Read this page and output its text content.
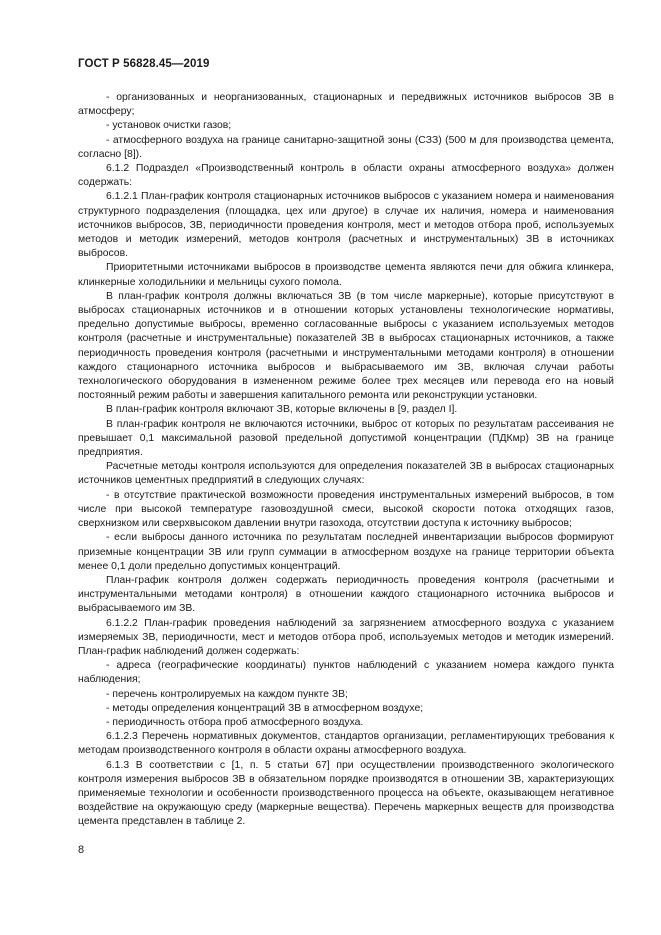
ГОСТ Р 56828.45—2019

- организованных и неорганизованных, стационарных и передвижных источников выбросов ЗВ в атмосферу;

- установок очистки газов;

- атмосферного воздуха на границе санитарно-защитной зоны (СЗЗ) (500 м для производства цемента, согласно [8]).

6.1.2 Подраздел «Производственный контроль в области охраны атмосферного воздуха» должен содержать:

6.1.2.1 План-график контроля стационарных источников выбросов с указанием номера и наименования структурного подразделения (площадка, цех или другое) в случае их наличия, номера и наименования источников выбросов, ЗВ, периодичности проведения контроля, мест и методов отбора проб, используемых методов и методик измерений, методов контроля (расчетных и инструментальных) ЗВ в источниках выбросов.

Приоритетными источниками выбросов в производстве цемента являются печи для обжига клинкера, клинкерные холодильники и мельницы сухого помола.

В план-график контроля должны включаться ЗВ (в том числе маркерные), которые присутствуют в выбросах стационарных источников и в отношении которых установлены технологические нормативы, предельно допустимые выбросы, временно согласованные выбросы с указанием используемых методов контроля (расчетные и инструментальные) показателей ЗВ в выбросах стационарных источников, а также периодичность проведения контроля (расчетными и инструментальными методами контроля) в отношении каждого стационарного источника выбросов и выбрасываемого им ЗВ, включая случаи работы технологического оборудования в измененном режиме более трех месяцев или перевода его на новый постоянный режим работы и завершения капитального ремонта или реконструкции установки.

В план-график контроля включают ЗВ, которые включены в [9, раздел I].

В план-график контроля не включаются источники, выброс от которых по результатам рассеивания не превышает 0,1 максимальной разовой предельной допустимой концентрации (ПДКмр) ЗВ на границе предприятия.

Расчетные методы контроля используются для определения показателей ЗВ в выбросах стационарных источников цементных предприятий в следующих случаях:

- в отсутствие практической возможности проведения инструментальных измерений выбросов, в том числе при высокой температуре газовоздушной смеси, высокой скорости потока отходящих газов, сверхнизком или сверхвысоком давлении внутри газохода, отсутствии доступа к источнику выбросов;

- если выбросы данного источника по результатам последней инвентаризации выбросов формируют приземные концентрации ЗВ или групп суммации в атмосферном воздухе на границе территории объекта менее 0,1 доли предельно допустимых концентраций.

План-график контроля должен содержать периодичность проведения контроля (расчетными и инструментальными методами контроля) в отношении каждого стационарного источника выбросов и выбрасываемого им ЗВ.

6.1.2.2 План-график проведения наблюдений за загрязнением атмосферного воздуха с указанием измеряемых ЗВ, периодичности, мест и методов отбора проб, используемых методов и методик измерений. План-график наблюдений должен содержать:

- адреса (географические координаты) пунктов наблюдений с указанием номера каждого пункта наблюдения;

- перечень контролируемых на каждом пункте ЗВ;

- методы определения концентраций ЗВ в атмосферном воздухе;

- периодичность отбора проб атмосферного воздуха.

6.1.2.3 Перечень нормативных документов, стандартов организации, регламентирующих требования к методам производственного контроля в области охраны атмосферного воздуха.

6.1.3 В соответствии с [1, п. 5 статьи 67] при осуществлении производственного экологического контроля измерения выбросов ЗВ в обязательном порядке производятся в отношении ЗВ, характеризующих применяемые технологии и особенности производственного процесса на объекте, оказывающем негативное воздействие на окружающую среду (маркерные вещества). Перечень маркерных веществ для производства цемента представлен в таблице 2.

8
